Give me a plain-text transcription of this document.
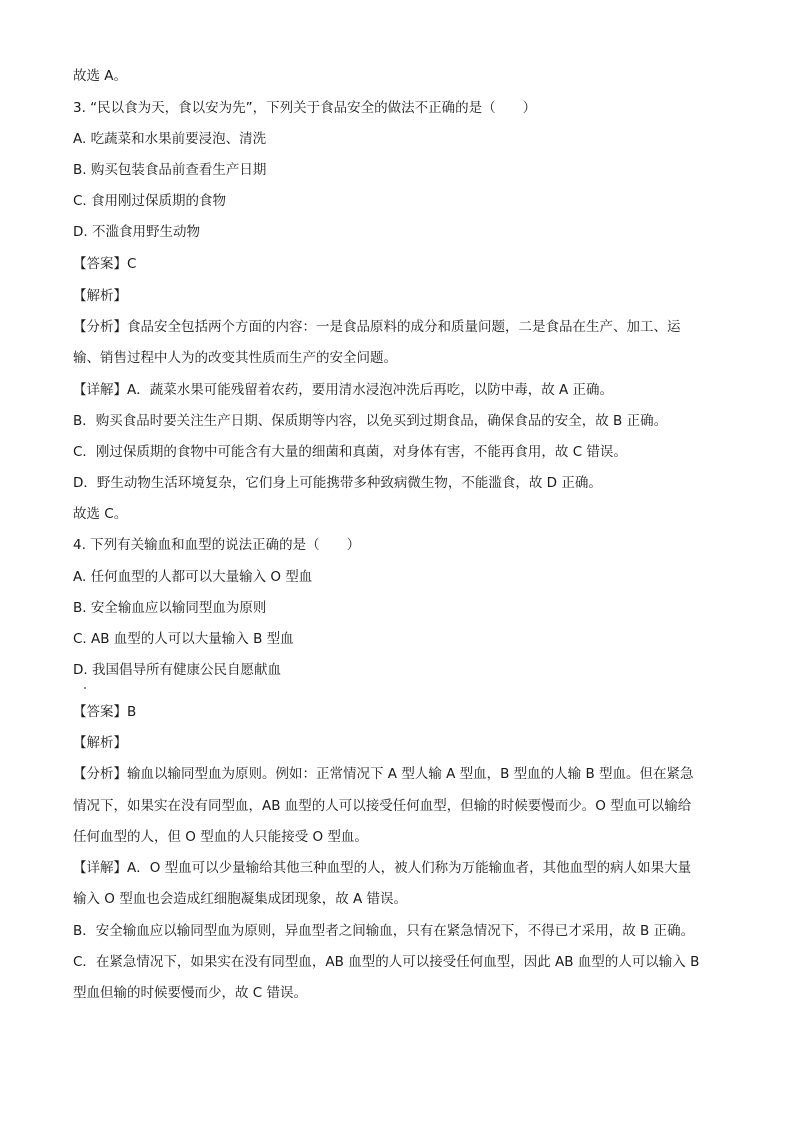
故选 A。
3. “民以食为天，食以安为先”，下列关于食品安全的做法不正确的是（　　）
A. 吃蔬菜和水果前要浸泡、清洗
B. 购买包装食品前查看生产日期
C. 食用刚过保质期的食物
D. 不滥食用野生动物
【答案】C
【解析】
【分析】食品安全包括两个方面的内容：一是食品原料的成分和质量问题，二是食品在生产、加工、运
输、销售过程中人为的改变其性质而生产的安全问题。
【详解】A．蔬菜水果可能残留着农药，要用清水浸泡冲洗后再吃，以防中毒，故 A 正确。
B．购买食品时要关注生产日期、保质期等内容，以免买到过期食品，确保食品的安全，故 B 正确。
C．刚过保质期的食物中可能含有大量的细菌和真菌，对身体有害，不能再食用，故 C 错误。
D．野生动物生活环境复杂，它们身上可能携带多种致病微生物，不能滥食，故 D 正确。
故选 C。
4. 下列有关输血和血型的说法正确的是（　　）
A. 任何血型的人都可以大量输入 O 型血
B. 安全输血应以输同型血为原则
C. AB 血型的人可以大量输入 B 型血
D. 我国倡导所有健康公民自愿献血
【答案】B
【解析】
【分析】输血以输同型血为原则。例如：正常情况下 A 型人输 A 型血，B 型血的人输 B 型血。但在紧急
情况下，如果实在没有同型血，AB 血型的人可以接受任何血型，但输的时候要慢而少。O 型血可以输给
任何血型的人，但 O 型血的人只能接受 O 型血。
【详解】A．O 型血可以少量输给其他三种血型的人，被人们称为万能输血者，其他血型的病人如果大量
输入 O 型血也会造成红细胞凝集成团现象，故 A 错误。
B．安全输血应以输同型血为原则，异血型者之间输血，只有在紧急情况下，不得已才采用，故 B 正确。
C．在紧急情况下，如果实在没有同型血，AB 血型的人可以接受任何血型，因此 AB 血型的人可以输入 B
型血但输的时候要慢而少，故 C 错误。
